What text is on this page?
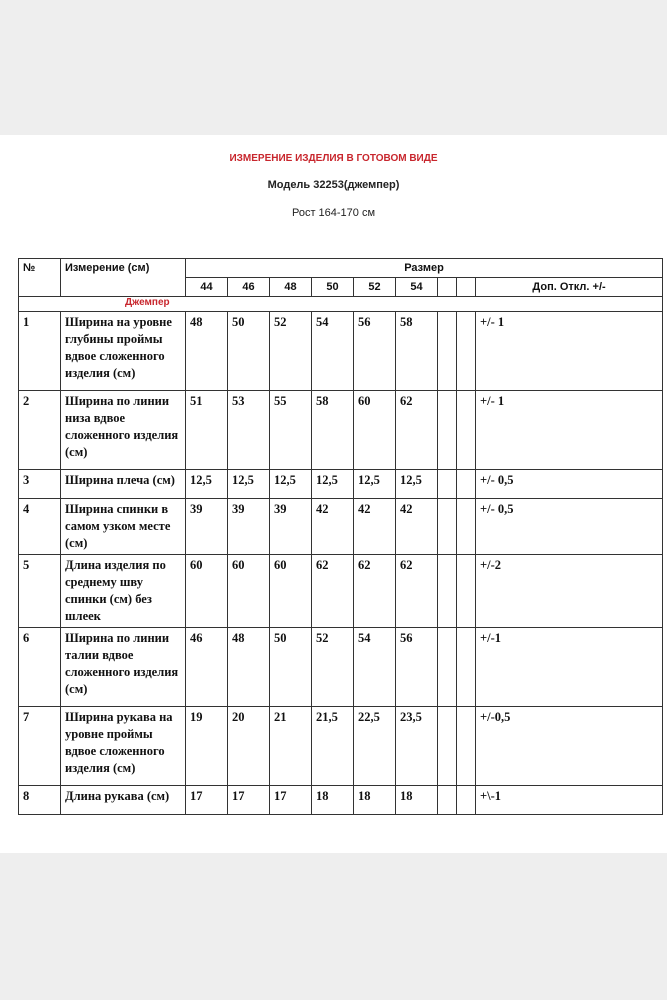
ИЗМЕРЕНИЕ ИЗДЕЛИЯ В ГОТОВОМ ВИДЕ
Модель 32253(джемпер)
Рост 164-170 см
№	Измерение (см)	Размер								
		44	46	48	50	52	54			Доп. Откл. +/-
Джемпер										
1	Ширина на уровне глубины проймы вдвое сложенного изделия (см)	48	50	52	54	56	58			+/- 1
2	Ширина по линии низа вдвое сложенного изделия (см)	51	53	55	58	60	62			+/- 1
3	Ширина плеча (см)	12,5	12,5	12,5	12,5	12,5	12,5			+/- 0,5
4	Ширина спинки в самом узком месте (см)	39	39	39	42	42	42			+/- 0,5
5	Длина изделия по среднему шву спинки (см) без шлеек	60	60	60	62	62	62			+/-2
6	Ширина по линии талии вдвое сложенного изделия (см)	46	48	50	52	54	56			+/-1
7	Ширина рукава на уровне проймы вдвое сложенного изделия (см)	19	20	21	21,5	22,5	23,5			+/-0,5
8	Длина рукава (см)	17	17	17	18	18	18			+\-1
